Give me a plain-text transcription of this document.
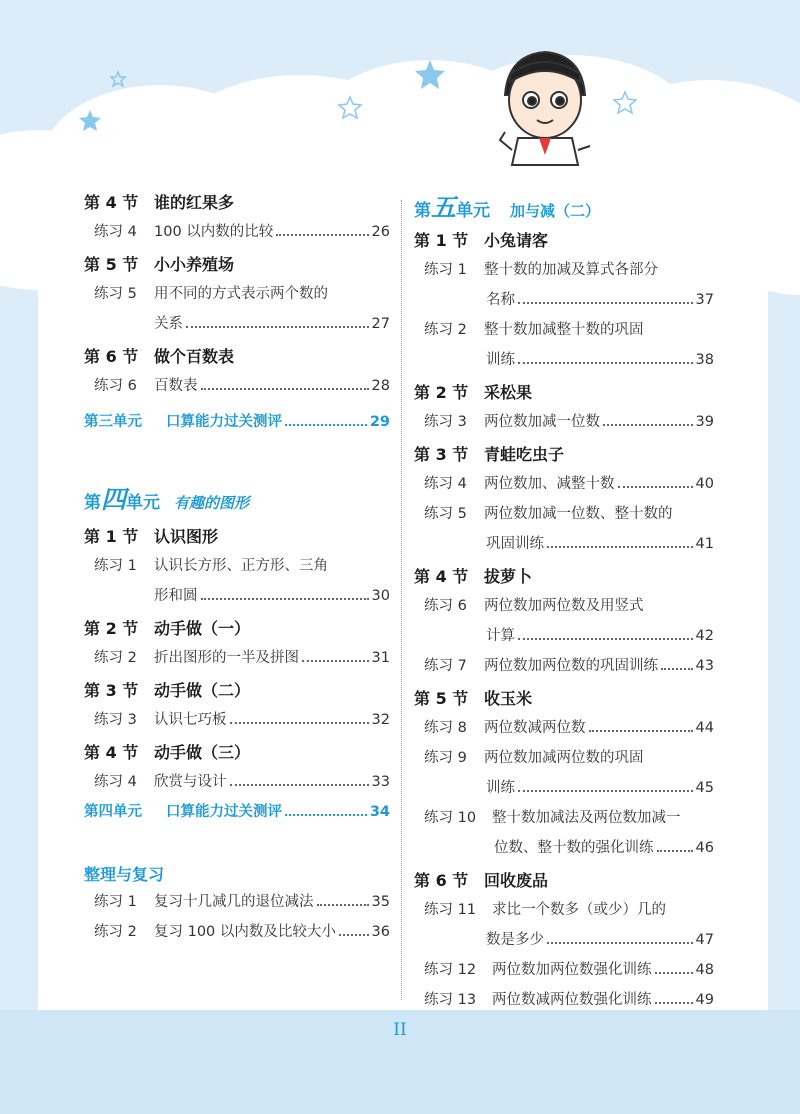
第 4 节 谁的红果多
练习 4	100 以内数的比较	26
第 5 节 小小养殖场
练习 5	用不同的方式表示两个数的
关系	27
第 6 节 做个百数表
练习 6	百数表	28
第三单元	口算能力过关测评	29
第 四 单元 有趣的图形
第 1 节 认识图形
练习 1	认识长方形、正方形、三角
形和圆	30
第 2 节 动手做（一）
练习 2	折出图形的一半及拼图	31
第 3 节 动手做（二）
练习 3	认识七巧板	32
第 4 节 动手做（三）
练习 4	欣赏与设计	33
第四单元	口算能力过关测评	34
整理与复习
练习 1	复习十几减几的退位减法	35
练习 2	复习 100 以内数及比较大小 36
第 五 单元 加与减（二）
第 1 节 小兔请客
练习 1	整十数的加减及算式各部分
名称	37
练习 2	整十数加减整十数的巩固
训练	38
第 2 节 采松果
练习 3	两位数加减一位数	39
第 3 节 青蛙吃虫子
练习 4	两位数加、减整十数	40
练习 5	两位数加减一位数、整十数的
巩固训练	41
第 4 节 拔萝卜
练习 6	两位数加两位数及用竖式
计算	42
练习 7	两位数加两位数的巩固训练	43
第 5 节 收玉米
练习 8	两位数减两位数	44
练习 9	两位数加减两位数的巩固
训练	45
练习 10	整十数加减法及两位数加减一
位数、整十数的强化训练	46
第 6 节 回收废品
练习 11	求比一个数多（或少）几的
数是多少	47
练习 12	两位数加两位数强化训练	48
练习 13	两位数减两位数强化训练	49
II
